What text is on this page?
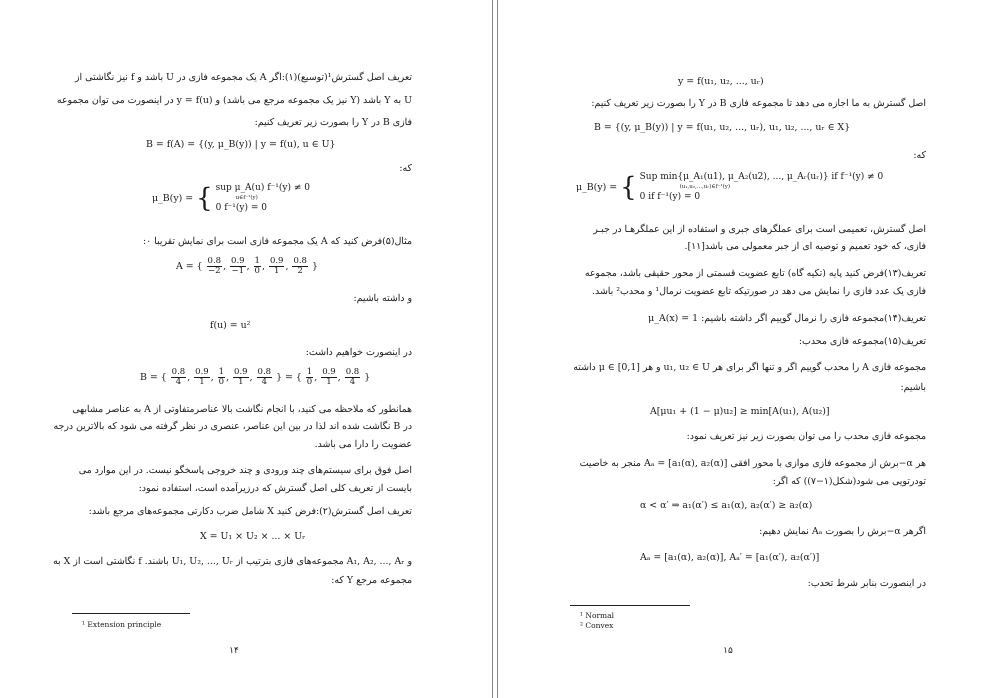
تعریف اصل گسترش¹(توسیع)(۱):اگر A یک مجموعه فازی در U باشد و f نیز نگاشتی از
U به Y باشد (Y نیز یک مجموعه مرجع می باشد) و y = f(u) در اینصورت می توان مجموعه
فازی B در Y را بصورت زیر تعریف کنیم:
B = f(A) = {(y, μ_B(y)) | y = f(u), u ∈ U}
که:
μ_B(y) = { sup μ_A(u) f⁻¹(y) ≠ 0
u∈f⁻¹(y)
0 f⁻¹(y) = 0
مثال(۵)فرض کنید که A یک مجموعه فازی است برای نمایش تقریبا ۰:
A = { $\frac{0.8}{-2}$ , $\frac{0.9}{-1}$ , $\frac{1}{0}$ , $\frac{0.9}{1}$ , $\frac{0.8}{2}$ }
و داشته باشیم:
f(u) = u²
در اینصورت خواهیم داشت:
B = { $\frac{0.8}{4}$ , $\frac{0.9}{1}$ , $\frac{1}{0}$ , $\frac{0.9}{1}$ , $\frac{0.8}{4}$ } = { $\frac{1}{0}$ , $\frac{0.9}{1}$ , $\frac{0.8}{4}$ }
همانطور که ملاحظه می کنید، با انجام نگاشت بالا عناصرمتفاوتی از A به عناصر مشابهی
در B نگاشت شده اند لذا در بین این عناصر، عنصری در نظر گرفته می شود که بالاترین درجه
عضویت را دارا می باشد.
اصل فوق برای سیستم‌های چند ورودی و چند خروجی پاسخگو نیست. در این موارد می
بایست از تعریف کلی اصل گسترش که درزیرآمده است، استفاده نمود:
تعریف اصل گسترش(۲):فرض کنید X شامل ضرب دکارتی مجموعه‌های مرجع باشد:
X = U₁ × U₂ × ... × Uᵣ
و A₁, A₂, ..., Aᵣ مجموعه‌های فازی بترتیب از U₁, U₂, ..., Uᵣ باشند. f نگاشتی است از X به
مجموعه مرجع Y که:
¹ Extension principle
۱۴
y = f(u₁, u₂, ..., uᵣ)
اصل گسترش به ما اجازه می دهد تا مجموعه فازی B در Y را بصورت زیر تعریف کنیم:
B = {(y, μ_B(y)) | y = f(u₁, u₂, ..., uᵣ), u₁, u₂, ..., uᵣ ∈ X}
که:
μ_B(y) = { Sup min{μ_A₁(u1), μ_A₂(u2), ..., μ_Aᵣ(uᵣ)} if f⁻¹(y) ≠ 0
(u₁,u₂,...,uᵣ)∈f⁻¹(y)
0 if f⁻¹(y) = 0
اصل گسترش، تعمیمی است برای عملگرهای جبری و استفاده از این عملگرهـا در جبـر
فازی، که خود تعمیم و توصیه ای از جبر معمولی می باشد[۱۱].
تعریف(۱۳)فرض کنید پایه (تکیه گاه) تابع عضویت قسمتی از محور حقیقی باشد، مجموعه
فازی یک عدد فازی را نمایش می دهد در صورتیکه تابع عضویت نرمال¹ و محدب² باشد.
تعریف(۱۴)مجموعه فازی را نرمال گوییم اگر داشته باشیم: μ_A(x) = 1
تعریف(۱۵)مجموعه فازی محدب:
مجموعه فازی A را محدب گوییم اگر و تنها اگر برای هر u₁, u₂ ∈ U و هر μ ∈ [0,1] داشته
باشیم:
A[μu₁ + (1 − μ)u₂] ≥ min[A(u₁), A(u₂)]
مجموعه فازی محدب را می توان بصورت زیر نیز تعریف نمود:
هر α−برش از مجموعه فازی موازی با محور افقی [a₁(α), a₂(α)] = Aₐ منجر به خاصیت
تودرتویی می شود(شکل(۱−۷)) که اگر:
α < α′ ⇒ a₁(α′) ≤ a₁(α), a₂(α′) ≥ a₂(α)
اگرهر α−برش را بصورت Aₐ نمایش دهیم:
Aₐ = [a₁(α), a₂(α)], Aₐ′ = [a₁(α′), a₂(α′)]
در اینصورت بنابر شرط تحدب:
¹ Normal
² Convex
۱۵
